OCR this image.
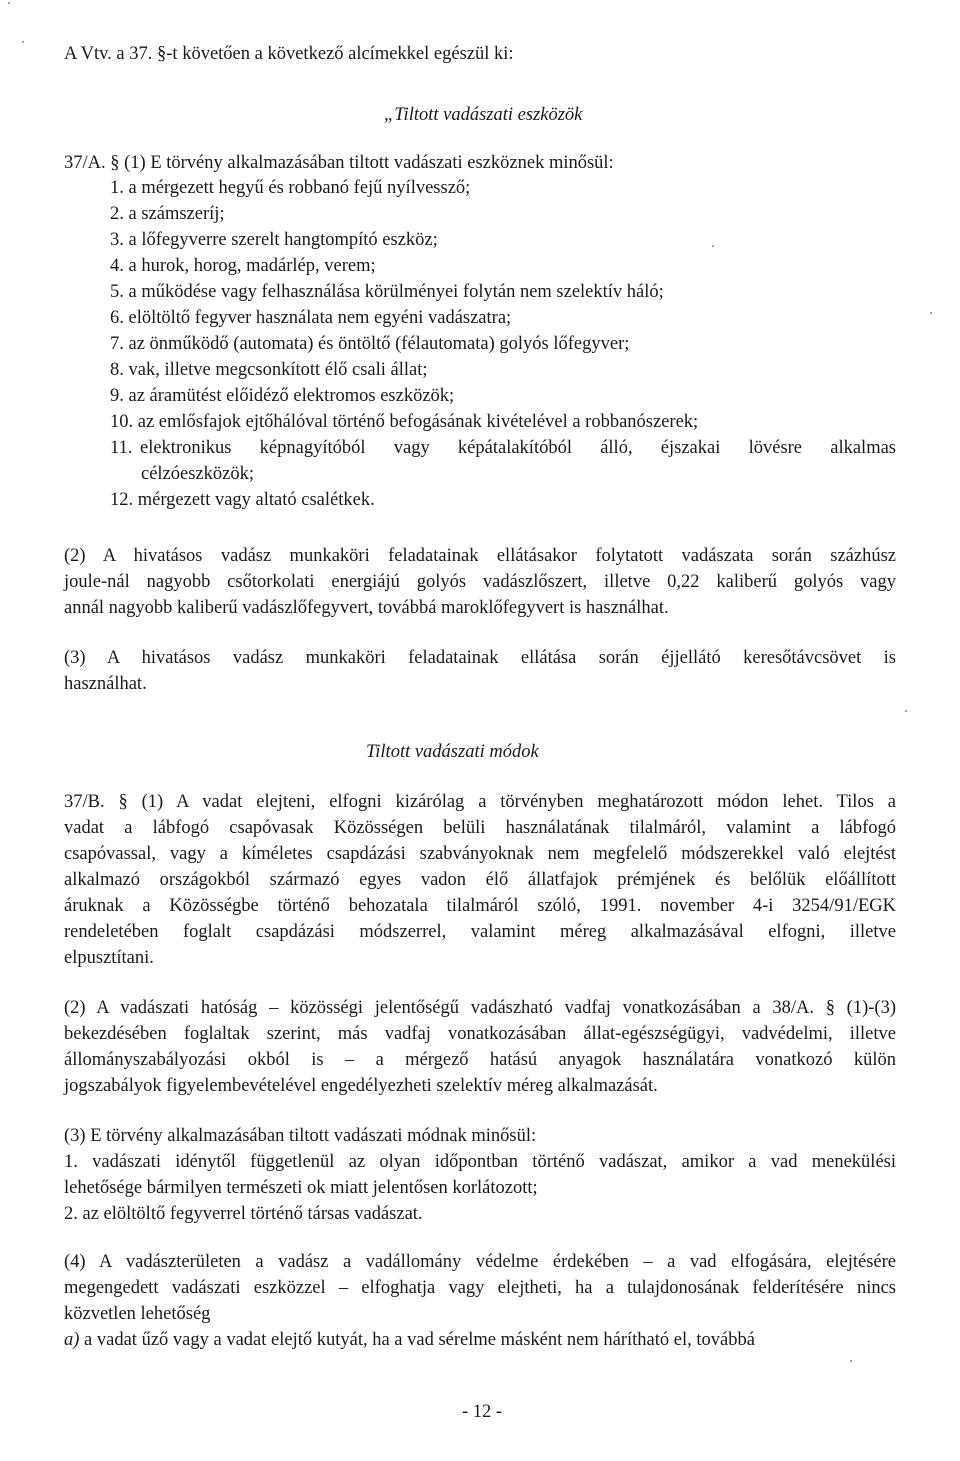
A Vtv. a 37. §-t követően a következő alcímekkel egészül ki:
„Tiltott vadászati eszközök
37/A. § (1) E törvény alkalmazásában tiltott vadászati eszköznek minősül:
1. a mérgezett hegyű és robbanó fejű nyílvessző;
2. a számszeríj;
3. a lőfegyverre szerelt hangtompító eszköz;
4. a hurok, horog, madárlép, verem;
5. a működése vagy felhasználása körülményei folytán nem szelektív háló;
6. elöltöltő fegyver használata nem egyéni vadászatra;
7. az önműködő (automata) és öntöltő (félautomata) golyós lőfegyver;
8. vak, illetve megcsonkított élő csali állat;
9. az áramütést előidéző elektromos eszközök;
10. az emlősfajok ejtőhálóval történő befogásának kivételével a robbanószerek;
11. elektronikus képnagyítóból vagy képátalakítóból álló, éjszakai lövésre alkalmas
célzóeszközök;
12. mérgezett vagy altató csalétkek.
(2) A hivatásos vadász munkaköri feladatainak ellátásakor folytatott vadászata során százhúsz
joule-nál nagyobb csőtorkolati energiájú golyós vadászlőszert, illetve 0,22 kaliberű golyós vagy
annál nagyobb kaliberű vadászlőfegyvert, továbbá maroklőfegyvert is használhat.
(3) A hivatásos vadász munkaköri feladatainak ellátása során éjjellátó keresőtávcsövet is
használhat.
Tiltott vadászati módok
37/B. § (1) A vadat elejteni, elfogni kizárólag a törvényben meghatározott módon lehet. Tilos a
vadat a lábfogó csapóvasak Közösségen belüli használatának tilalmáról, valamint a lábfogó
csapóvassal, vagy a kíméletes csapdázási szabványoknak nem megfelelő módszerekkel való elejtést
alkalmazó országokból származó egyes vadon élő állatfajok prémjének és belőlük előállított
áruknak a Közösségbe történő behozatala tilalmáról szóló, 1991. november 4-i 3254/91/EGK
rendeletében foglalt csapdázási módszerrel, valamint méreg alkalmazásával elfogni, illetve
elpusztítani.
(2) A vadászati hatóság – közösségi jelentőségű vadászható vadfaj vonatkozásában a 38/A. § (1)-(3)
bekezdésében foglaltak szerint, más vadfaj vonatkozásában állat-egészségügyi, vadvédelmi, illetve
állományszabályozási okból is – a mérgező hatású anyagok használatára vonatkozó külön
jogszabályok figyelembevételével engedélyezheti szelektív méreg alkalmazását.
(3) E törvény alkalmazásában tiltott vadászati módnak minősül:
1. vadászati idénytől függetlenül az olyan időpontban történő vadászat, amikor a vad menekülési
lehetősége bármilyen természeti ok miatt jelentősen korlátozott;
2. az elöltöltő fegyverrel történő társas vadászat.
(4) A vadászterületen a vadász a vadállomány védelme érdekében – a vad elfogására, elejtésére
megengedett vadászati eszközzel – elfoghatja vagy elejtheti, ha a tulajdonosának felderítésére nincs
közvetlen lehetőség
a) a vadat űző vagy a vadat elejtő kutyát, ha a vad sérelme másként nem hárítható el, továbbá
- 12 -
